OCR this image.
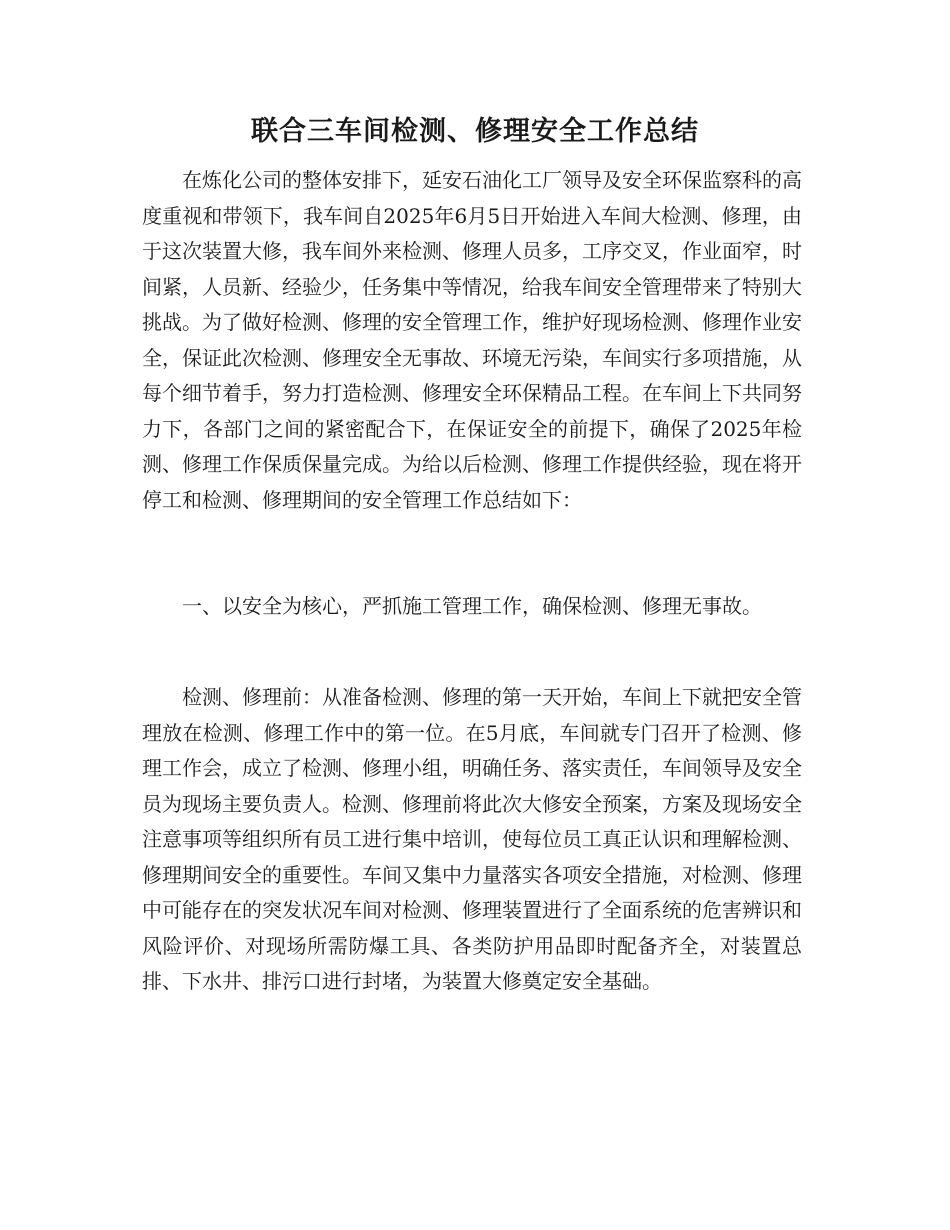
联合三车间检测、修理安全工作总结

在炼化公司的整体安排下，延安石油化工厂领导及安全环保监察科的高度重视和带领下，我车间自2025年6月5日开始进入车间大检测、修理，由于这次装置大修，我车间外来检测、修理人员多，工序交叉，作业面窄，时间紧，人员新、经验少，任务集中等情况，给我车间安全管理带来了特别大挑战。为了做好检测、修理的安全管理工作，维护好现场检测、修理作业安全，保证此次检测、修理安全无事故、环境无污染，车间实行多项措施，从每个细节着手，努力打造检测、修理安全环保精品工程。在车间上下共同努力下，各部门之间的紧密配合下，在保证安全的前提下，确保了2025年检测、修理工作保质保量完成。为给以后检测、修理工作提供经验，现在将开停工和检测、修理期间的安全管理工作总结如下：

一、以安全为核心，严抓施工管理工作，确保检测、修理无事故。

检测、修理前：从准备检测、修理的第一天开始，车间上下就把安全管理放在检测、修理工作中的第一位。在5月底，车间就专门召开了检测、修理工作会，成立了检测、修理小组，明确任务、落实责任，车间领导及安全员为现场主要负责人。检测、修理前将此次大修安全预案，方案及现场安全注意事项等组织所有员工进行集中培训，使每位员工真正认识和理解检测、修理期间安全的重要性。车间又集中力量落实各项安全措施，对检测、修理中可能存在的突发状况车间对检测、修理装置进行了全面系统的危害辨识和风险评价、对现场所需防爆工具、各类防护用品即时配备齐全，对装置总排、下水井、排污口进行封堵，为装置大修奠定安全基础。
